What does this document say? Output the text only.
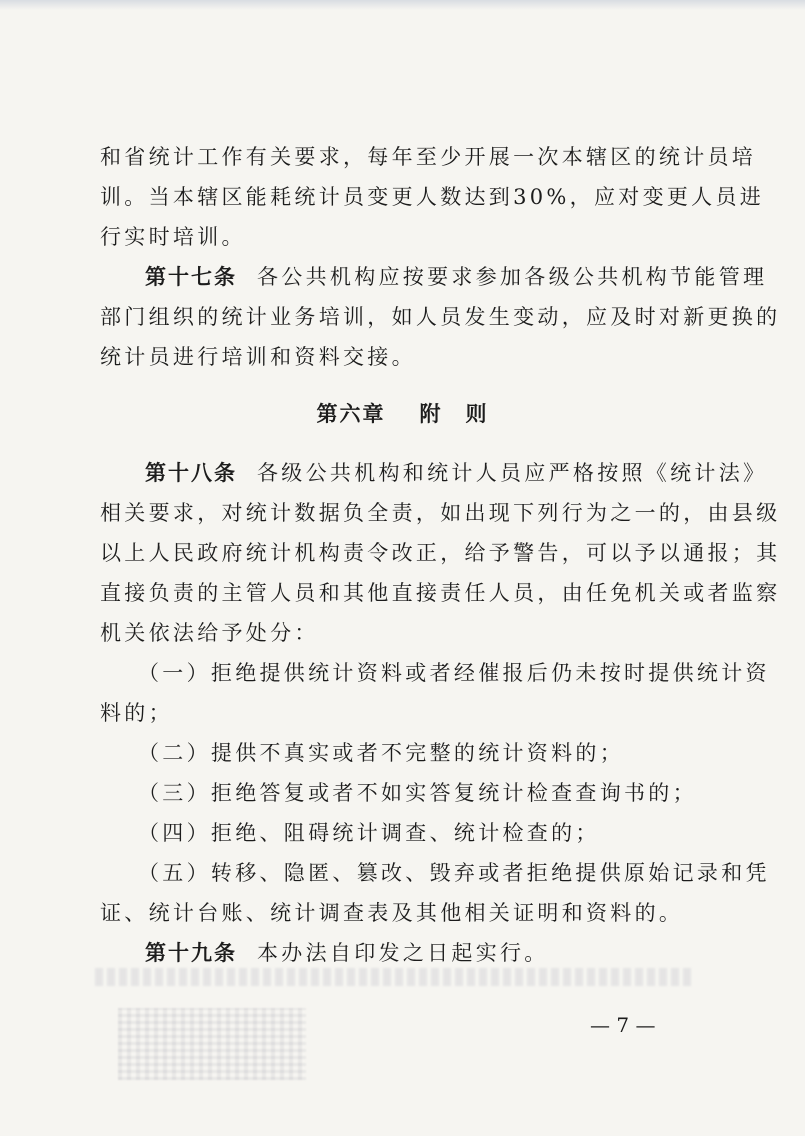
和省统计工作有关要求，每年至少开展一次本辖区的统计员培
训。当本辖区能耗统计员变更人数达到30%，应对变更人员进
行实时培训。
第十七条 各公共机构应按要求参加各级公共机构节能管理
部门组织的统计业务培训，如人员发生变动，应及时对新更换的
统计员进行培训和资料交接。
第六章 附　则
第十八条 各级公共机构和统计人员应严格按照《统计法》
相关要求，对统计数据负全责，如出现下列行为之一的，由县级
以上人民政府统计机构责令改正，给予警告，可以予以通报；其
直接负责的主管人员和其他直接责任人员，由任免机关或者监察
机关依法给予处分：
（一）拒绝提供统计资料或者经催报后仍未按时提供统计资
料的；
（二）提供不真实或者不完整的统计资料的；
（三）拒绝答复或者不如实答复统计检查查询书的；
（四）拒绝、阻碍统计调查、统计检查的；
（五）转移、隐匿、篡改、毁弃或者拒绝提供原始记录和凭
证、统计台账、统计调查表及其他相关证明和资料的。
第十九条 本办法自印发之日起实行。
— 7 —
